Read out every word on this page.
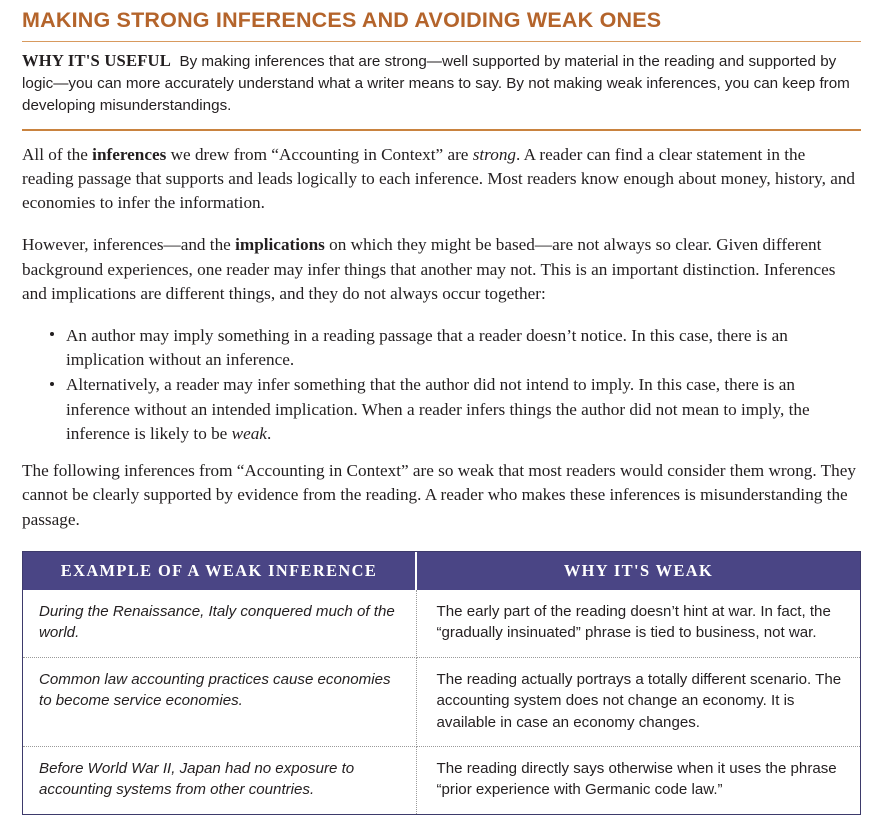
MAKING STRONG INFERENCES AND AVOIDING WEAK ONES
WHY IT'S USEFUL By making inferences that are strong—well supported by material in the reading and supported by logic—you can more accurately understand what a writer means to say. By not making weak inferences, you can keep from developing misunderstandings.

All of the inferences we drew from “Accounting in Context” are strong. A reader can find a clear statement in the reading passage that supports and leads logically to each inference. Most readers know enough about money, history, and economies to infer the information.

However, inferences—and the implications on which they might be based—are not always so clear. Given different background experiences, one reader may infer things that another may not. This is an important distinction. Inferences and implications are different things, and they do not always occur together:

An author may imply something in a reading passage that a reader doesn’t notice. In this case, there is an implication without an inference.
Alternatively, a reader may infer something that the author did not intend to imply. In this case, there is an inference without an intended implication. When a reader infers things the author did not mean to imply, the inference is likely to be weak.

The following inferences from “Accounting in Context” are so weak that most readers would consider them wrong. They cannot be clearly supported by evidence from the reading. A reader who makes these inferences is misunderstanding the passage.

EXAMPLE OF A WEAK INFERENCE	WHY IT'S WEAK
During the Renaissance, Italy conquered much of the world.	The early part of the reading doesn’t hint at war. In fact, the “gradually insinuated” phrase is tied to business, not war.
Common law accounting practices cause economies to become service economies.	The reading actually portrays a totally different scenario. The accounting system does not change an economy. It is available in case an economy changes.
Before World War II, Japan had no exposure to accounting systems from other countries.	The reading directly says otherwise when it uses the phrase “prior experience with Germanic code law.”
